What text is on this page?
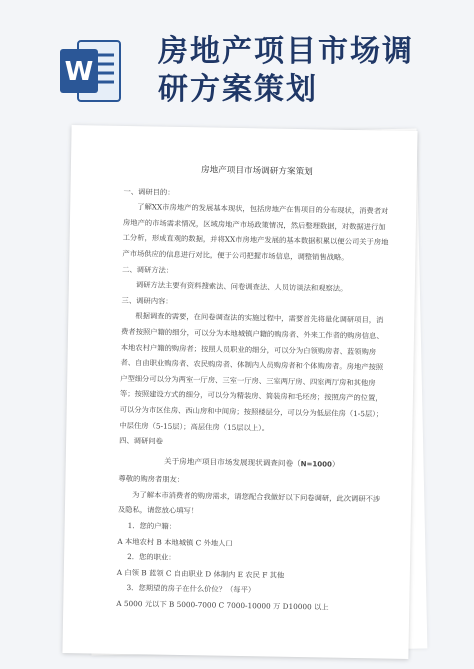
W
房地产项目市场调
研方案策划
房地产项目市场调研方案策划

一、调研目的：

了解XX市房地产的发展基本现状，包括房地产在售项目的分布现状，消费者对房地产的市场需求情况，区域房地产市场政策情况，然后整理数据，对数据进行加工分析，形成直观的数据，并将XX市房地产发展的基本数据积累以便公司关于房地产市场供应的信息进行对比，便于公司把握市场信息，调整销售战略。

二、调研方法：

调研方法主要有资料搜索法、问卷调查法、人员访谈法和观察法。

三、调研内容：

根据调查的需要，在问卷调查法的实施过程中，需要首先将量化调研项目，消费者按照户籍的细分，可以分为本地城镇户籍的购房者、外来工作者的购房信息、本地农村户籍的购房者；按照人员职业的细分，可以分为白领购房者、蓝领购房者、自由职业购房者、农民购房者、体制内人员购房者和个体购房者。房地产按照户型细分可以分为两室一厅房、三室一厅房、三室两厅房、四室两厅房和其他房等；按照建设方式的细分，可以分为精装房、简装房和毛坯房；按照房产的位置，可以分为市区住房、西山房和中间房；按照楼层分，可以分为低层住房（1-5层）；中层住房（5-15层）；高层住房（15层以上）。

四、调研问卷

关于房地产项目市场发展现状调查问卷（N=1000）

尊敬的购房者朋友：

为了解本市消费者的购房需求，请您配合我做好以下问卷调研，此次调研不涉及隐私，请您放心填写！

1．您的户籍：

A 本地农村 B 本地城镇 C 外地人口

2．您的职业：

A 白领 B 蓝领 C 自由职业 D 体制内 E 农民 F 其他

3．您期望的房子在什么价位？（每平）

A 5000 元以下 B 5000-7000 C 7000-10000 万 D10000 以上
